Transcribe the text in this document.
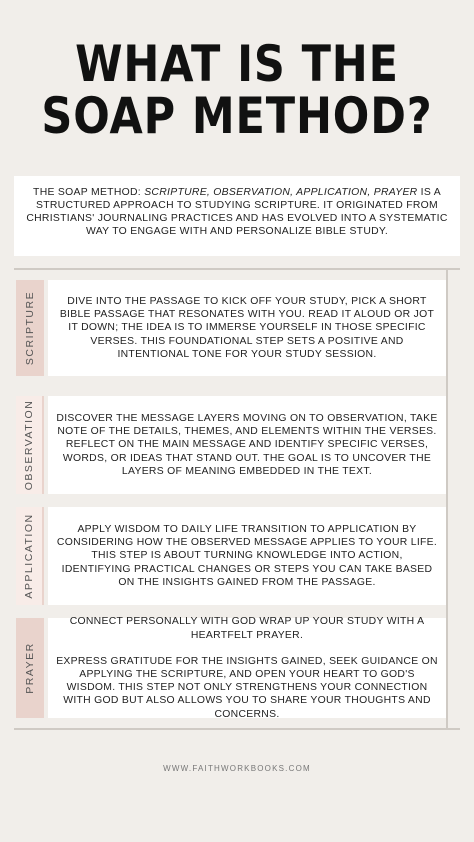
WHAT IS THE
SOAP METHOD?
THE SOAP METHOD: SCRIPTURE, OBSERVATION, APPLICATION, PRAYER IS A STRUCTURED APPROACH TO STUDYING SCRIPTURE. IT ORIGINATED FROM CHRISTIANS' JOURNALING PRACTICES AND HAS EVOLVED INTO A SYSTEMATIC WAY TO ENGAGE WITH AND PERSONALIZE BIBLE STUDY.
SCRIPTURE	DIVE INTO THE PASSAGE TO KICK OFF YOUR STUDY, PICK A SHORT BIBLE PASSAGE THAT RESONATES WITH YOU. READ IT ALOUD OR JOT IT DOWN; THE IDEA IS TO IMMERSE YOURSELF IN THOSE SPECIFIC VERSES. THIS FOUNDATIONAL STEP SETS A POSITIVE AND INTENTIONAL TONE FOR YOUR STUDY SESSION.

OBSERVATION DISCOVER THE MESSAGE LAYERS MOVING ON TO OBSERVATION, TAKE NOTE OF THE DETAILS, THEMES, AND ELEMENTS WITHIN THE VERSES. REFLECT ON THE MAIN MESSAGE AND IDENTIFY SPECIFIC VERSES, WORDS, OR IDEAS THAT STAND OUT. THE GOAL IS TO UNCOVER THE LAYERS OF MEANING EMBEDDED IN THE TEXT.

APPLICATION	APPLY WISDOM TO DAILY LIFE TRANSITION TO APPLICATION BY CONSIDERING HOW THE OBSERVED MESSAGE APPLIES TO YOUR LIFE. THIS STEP IS ABOUT TURNING KNOWLEDGE INTO ACTION, IDENTIFYING PRACTICAL CHANGES OR STEPS YOU CAN TAKE BASED ON THE INSIGHTS GAINED FROM THE PASSAGE.

PRAYER

CONNECT PERSONALLY WITH GOD WRAP UP YOUR STUDY WITH A HEARTFELT PRAYER.

EXPRESS GRATITUDE FOR THE INSIGHTS GAINED, SEEK GUIDANCE ON APPLYING THE SCRIPTURE, AND OPEN YOUR HEART TO GOD'S WISDOM. THIS STEP NOT ONLY STRENGTHENS YOUR CONNECTION WITH GOD BUT ALSO ALLOWS YOU TO SHARE YOUR THOUGHTS AND CONCERNS.

WWW.FAITHWORKBOOKS.COM
